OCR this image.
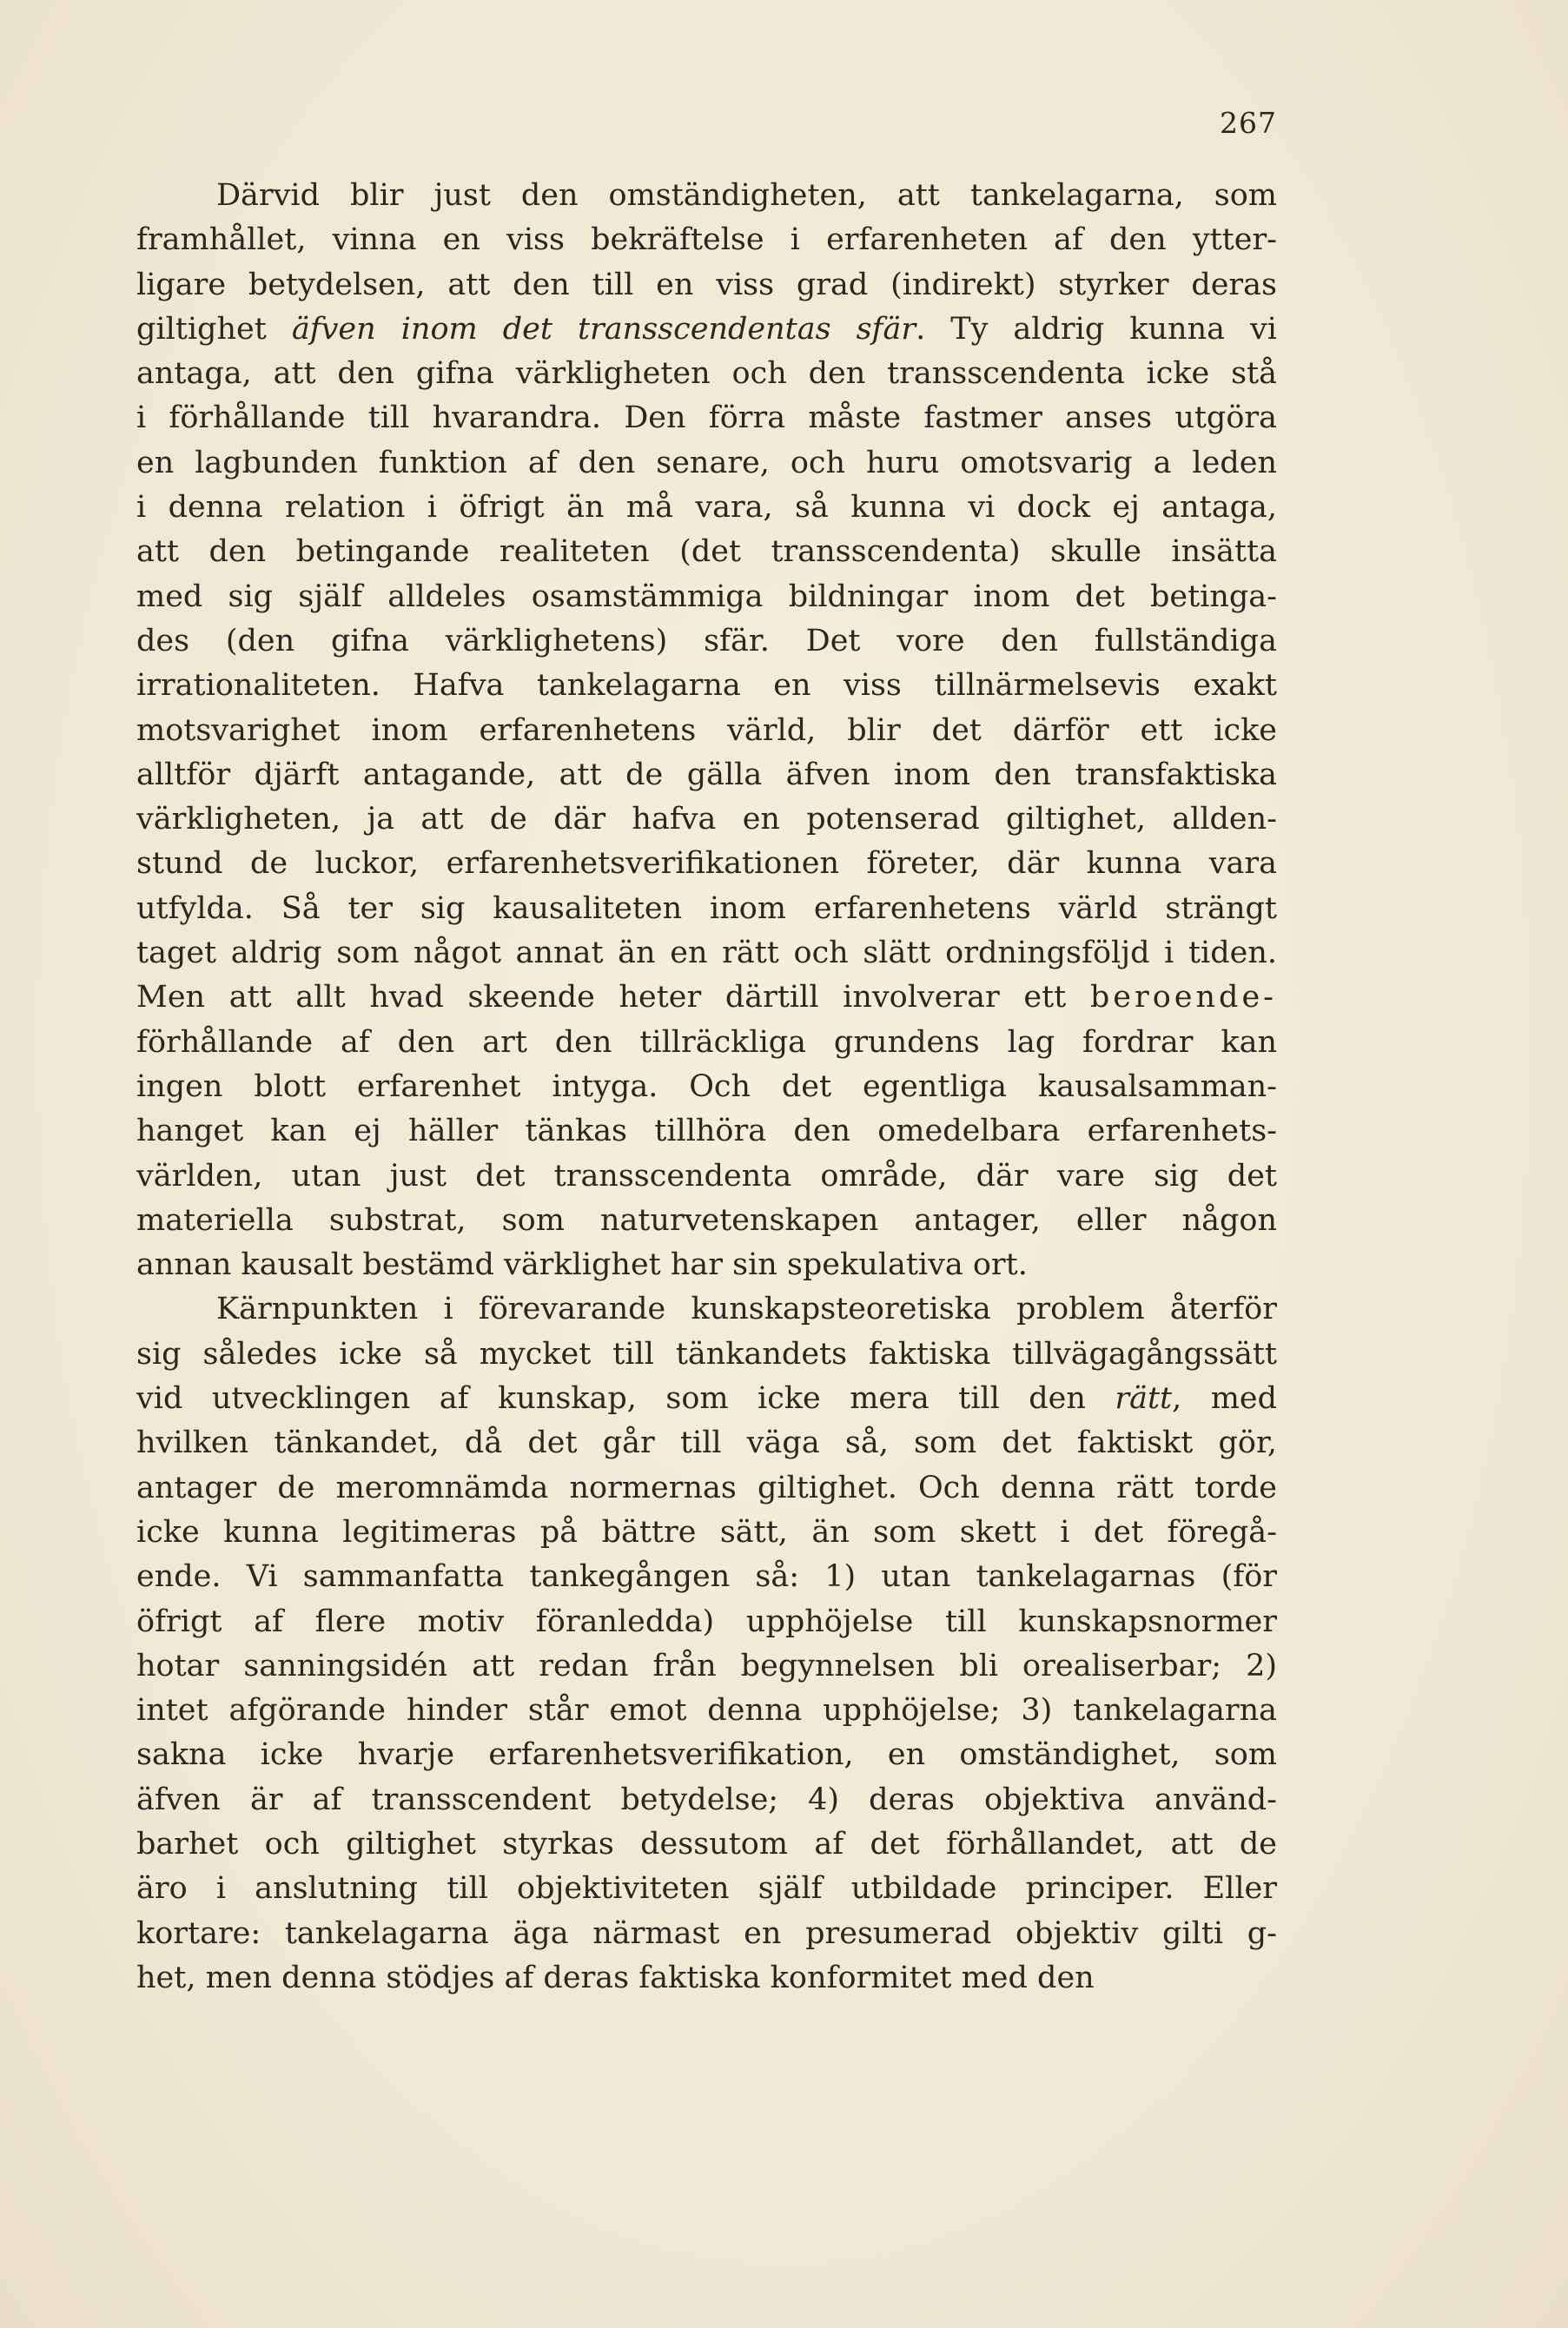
267
Därvid blir just den omständigheten, att tankelagarna, som
framhållet, vinna en viss bekräftelse i erfarenheten af den ytter-
ligare betydelsen, att den till en viss grad (indirekt) styrker deras
giltighet äfven inom det transscendentas sfär. Ty aldrig kunna vi
antaga, att den gifna värkligheten och den transscendenta icke stå
i förhållande till hvarandra. Den förra måste fastmer anses utgöra
en lagbunden funktion af den senare, och huru omotsvarig a leden
i denna relation i öfrigt än må vara, så kunna vi dock ej antaga,
att den betingande realiteten (det transscendenta) skulle insätta
med sig själf alldeles osamstämmiga bildningar inom det betinga-
des (den gifna värklighetens) sfär. Det vore den fullständiga
irrationaliteten. Hafva tankelagarna en viss tillnärmelsevis exakt
motsvarighet inom erfarenhetens värld, blir det därför ett icke
alltför djärft antagande, att de gälla äfven inom den transfaktiska
värkligheten, ja att de där hafva en potenserad giltighet, allden-
stund de luckor, erfarenhetsverifikationen företer, där kunna vara
utfylda. Så ter sig kausaliteten inom erfarenhetens värld strängt
taget aldrig som något annat än en rätt och slätt ordningsföljd i tiden.
Men att allt hvad skeende heter därtill involverar ett beroende-
förhållande af den art den tillräckliga grundens lag fordrar kan
ingen blott erfarenhet intyga. Och det egentliga kausalsamman-
hanget kan ej häller tänkas tillhöra den omedelbara erfarenhets-
världen, utan just det transscendenta område, där vare sig det
materiella substrat, som naturvetenskapen antager, eller någon
annan kausalt bestämd värklighet har sin spekulativa ort.
Kärnpunkten i förevarande kunskapsteoretiska problem återför
sig således icke så mycket till tänkandets faktiska tillvägagångssätt
vid utvecklingen af kunskap, som icke mera till den rätt, med
hvilken tänkandet, då det går till väga så, som det faktiskt gör,
antager de meromnämda normernas giltighet. Och denna rätt torde
icke kunna legitimeras på bättre sätt, än som skett i det föregå-
ende. Vi sammanfatta tankegången så: 1) utan tankelagarnas (för
öfrigt af flere motiv föranledda) upphöjelse till kunskapsnormer
hotar sanningsidén att redan från begynnelsen bli orealiserbar; 2)
intet afgörande hinder står emot denna upphöjelse; 3) tankelagarna
sakna icke hvarje erfarenhetsverifikation, en omständighet, som
äfven är af transscendent betydelse; 4) deras objektiva använd-
barhet och giltighet styrkas dessutom af det förhållandet, att de
äro i anslutning till objektiviteten själf utbildade principer. Eller
kortare: tankelagarna äga närmast en presumerad objektiv gilti g-
het, men denna stödjes af deras faktiska konformitet med den
